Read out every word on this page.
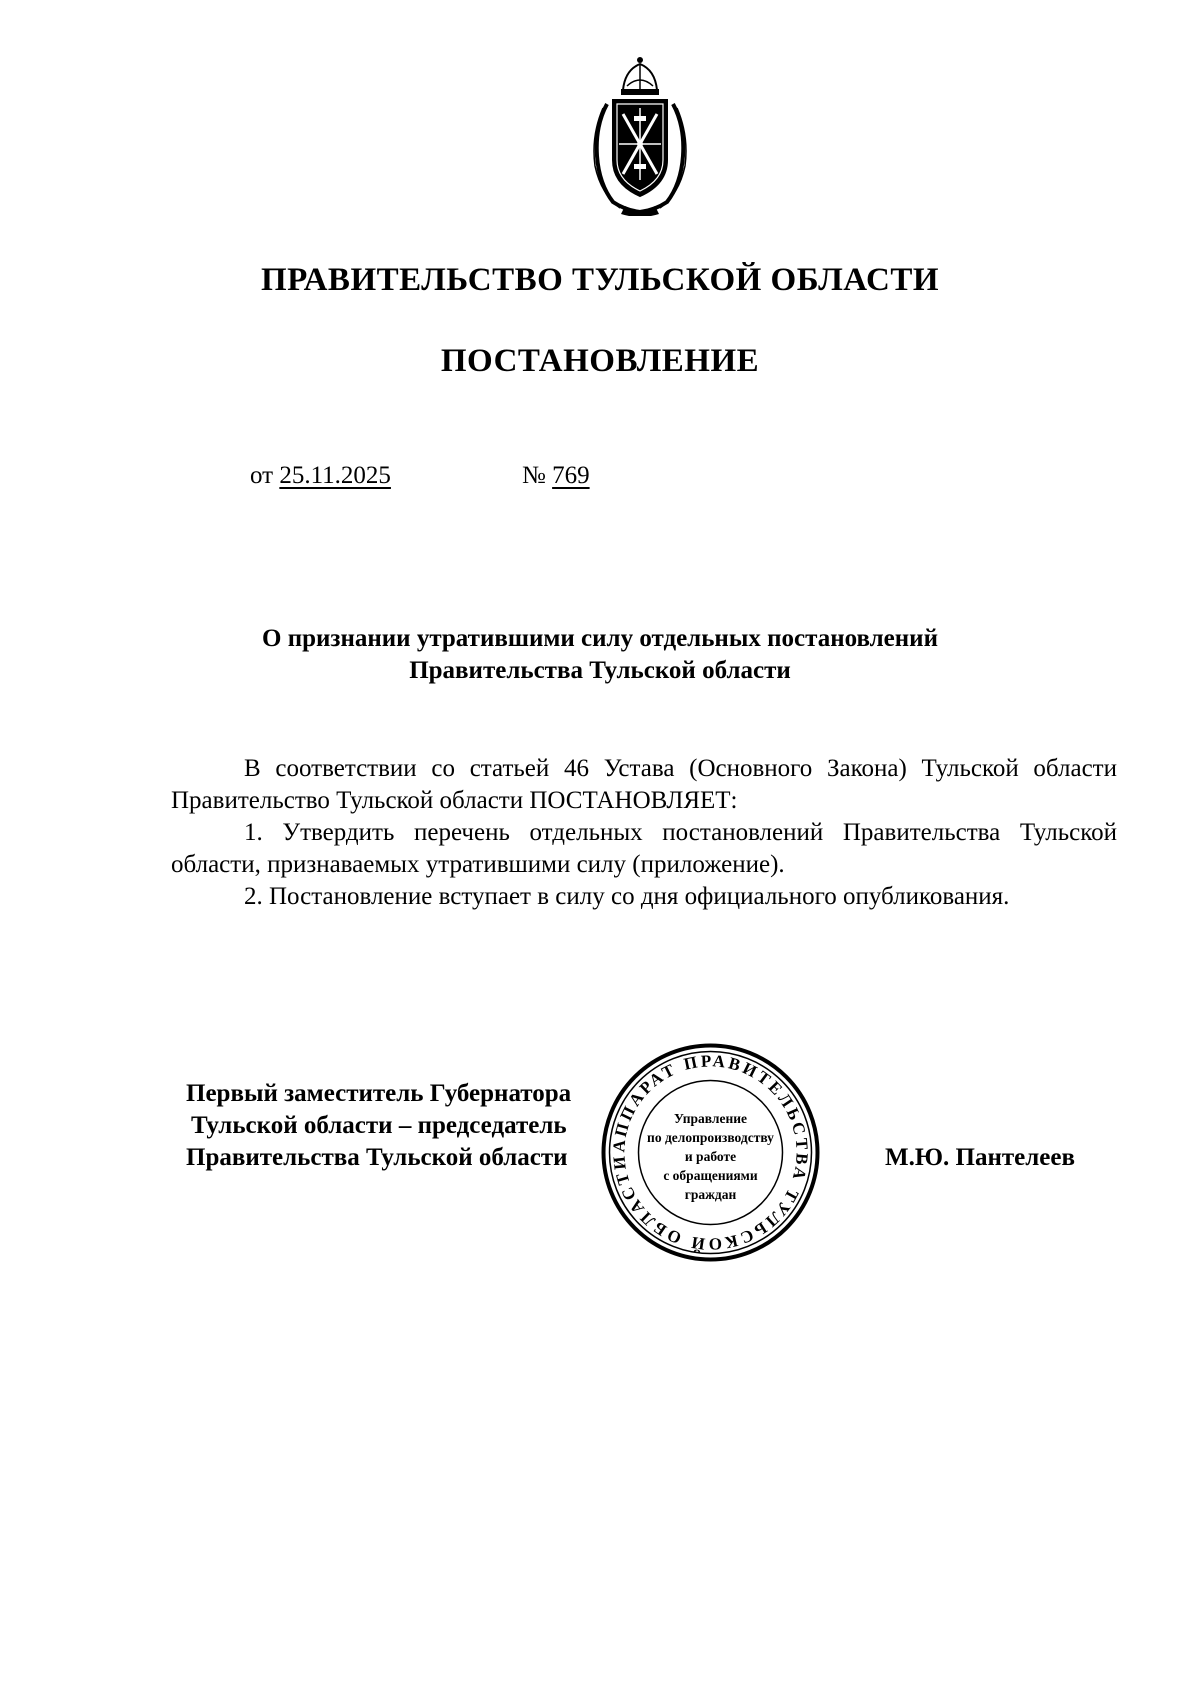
ПРАВИТЕЛЬСТВО ТУЛЬСКОЙ ОБЛАСТИ
ПОСТАНОВЛЕНИЕ
от 25.11.2025	№ 769
О признании утратившими силу отдельных постановлений
Правительства Тульской области

В соответствии со статьей 46 Устава (Основного Закона) Тульской области Правительство Тульской области ПОСТАНОВЛЯЕТ:

1. Утвердить перечень отдельных постановлений Правительства Тульской области, признаваемых утратившими силу (приложение).

2. Постановление вступает в силу со дня официального опубликования.

АППАРАТ ПРАВИТЕЛЬСТВА ТУЛЬСКОЙ ОБЛАСТИ
Управление
по делопроизводству
и работе
с обращениями
граждан
Первый заместитель Губернатора
Тульской области – председатель
Правительства Тульской области	М.Ю. Пантелеев
